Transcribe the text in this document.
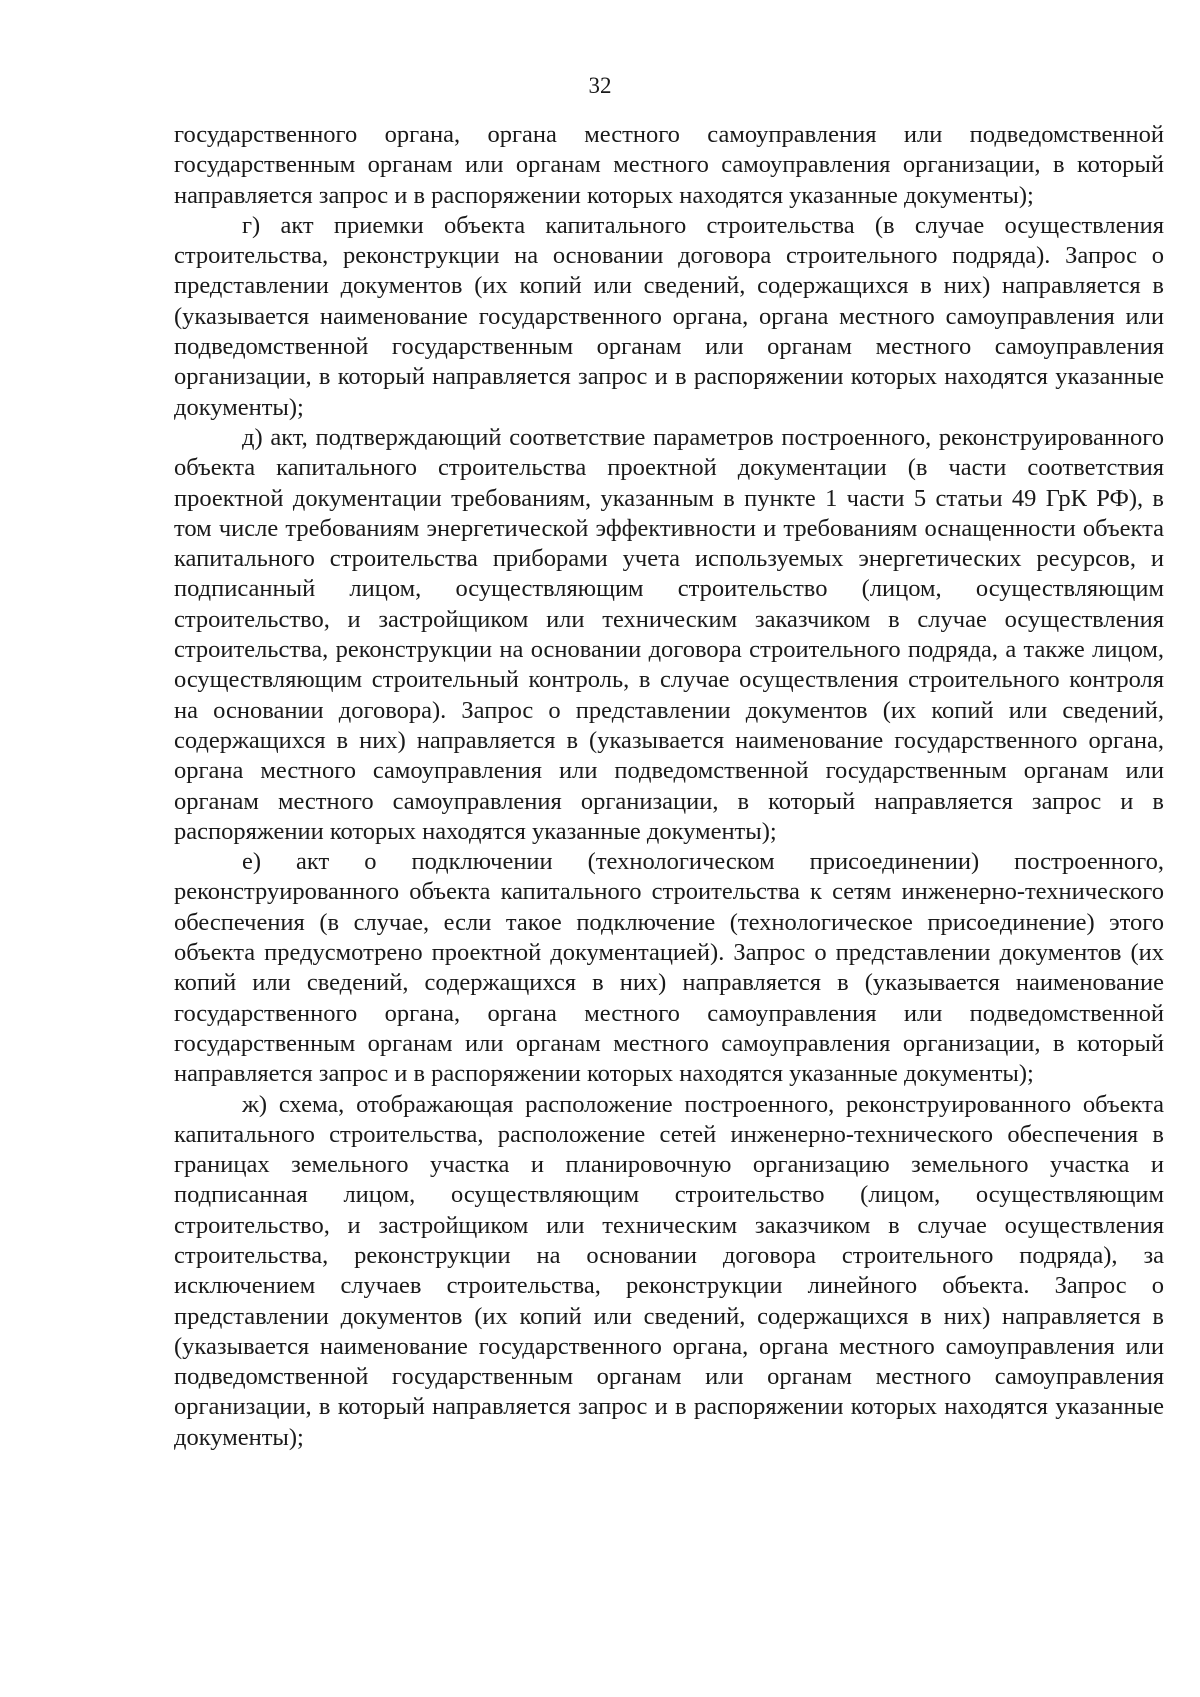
32

государственного органа, органа местного самоуправления или подведомственной государственным органам или органам местного самоуправления организации, в который направляется запрос и в распоряжении которых находятся указанные документы);

г) акт приемки объекта капитального строительства (в случае осуществления строительства, реконструкции на основании договора строительного подряда). Запрос о представлении документов (их копий или сведений, содержащихся в них) направляется в (указывается наименование государственного органа, органа местного самоуправления или подведомственной государственным органам или органам местного самоуправления организации, в который направляется запрос и в распоряжении которых находятся указанные документы);

д) акт, подтверждающий соответствие параметров построенного, реконструированного объекта капитального строительства проектной документации (в части соответствия проектной документации требованиям, указанным в пункте 1 части 5 статьи 49 ГрК РФ), в том числе требованиям энергетической эффективности и требованиям оснащенности объекта капитального строительства приборами учета используемых энергетических ресурсов, и подписанный лицом, осуществляющим строительство (лицом, осуществляющим строительство, и застройщиком или техническим заказчиком в случае осуществления строительства, реконструкции на основании договора строительного подряда, а также лицом, осуществляющим строительный контроль, в случае осуществления строительного контроля на основании договора). Запрос о представлении документов (их копий или сведений, содержащихся в них) направляется в (указывается наименование государственного органа, органа местного самоуправления или подведомственной государственным органам или органам местного самоуправления организации, в который направляется запрос и в распоряжении которых находятся указанные документы);

е) акт о подключении (технологическом присоединении) построенного, реконструированного объекта капитального строительства к сетям инженерно-технического обеспечения (в случае, если такое подключение (технологическое присоединение) этого объекта предусмотрено проектной документацией). Запрос о представлении документов (их копий или сведений, содержащихся в них) направляется в (указывается наименование государственного органа, органа местного самоуправления или подведомственной государственным органам или органам местного самоуправления организации, в который направляется запрос и в распоряжении которых находятся указанные документы);

ж) схема, отображающая расположение построенного, реконструированного объекта капитального строительства, расположение сетей инженерно-технического обеспечения в границах земельного участка и планировочную организацию земельного участка и подписанная лицом, осуществляющим строительство (лицом, осуществляющим строительство, и застройщиком или техническим заказчиком в случае осуществления строительства, реконструкции на основании договора строительного подряда), за исключением случаев строительства, реконструкции линейного объекта. Запрос о представлении документов (их копий или сведений, содержащихся в них) направляется в (указывается наименование государственного органа, органа местного самоуправления или подведомственной государственным органам или органам местного самоуправления организации, в который направляется запрос и в распоряжении которых находятся указанные документы);
